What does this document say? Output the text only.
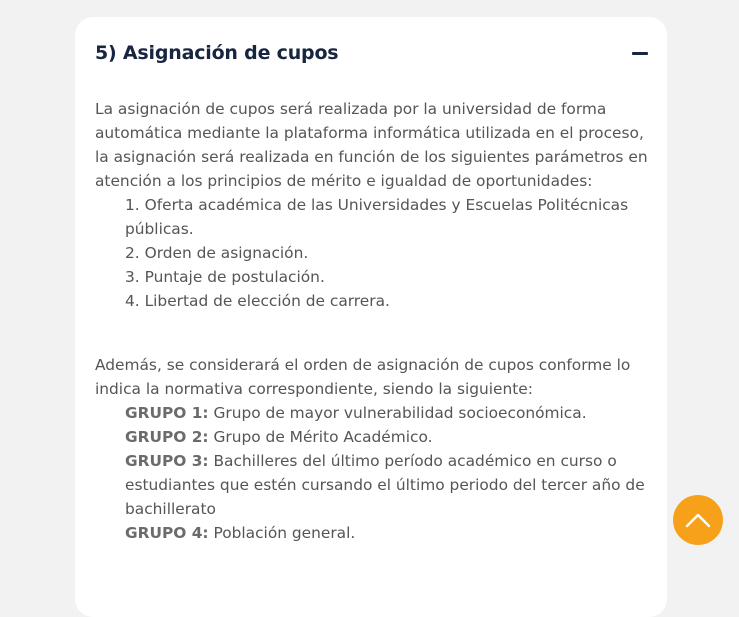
5) Asignación de cupos

La asignación de cupos será realizada por la universidad de forma automática mediante la plataforma informática utilizada en el proceso, la asignación será realizada en función de los siguientes parámetros en atención a los principios de mérito e igualdad de oportunidades:

1. Oferta académica de las Universidades y Escuelas Politécnicas públicas.
2. Orden de asignación.
3. Puntaje de postulación.
4. Libertad de elección de carrera.

Además, se considerará el orden de asignación de cupos conforme lo indica la normativa correspondiente, siendo la siguiente:

GRUPO 1: Grupo de mayor vulnerabilidad socioeconómica.
GRUPO 2: Grupo de Mérito Académico.
GRUPO 3: Bachilleres del último período académico en curso o estudiantes que estén cursando el último periodo del tercer año de bachillerato
GRUPO 4: Población general.
